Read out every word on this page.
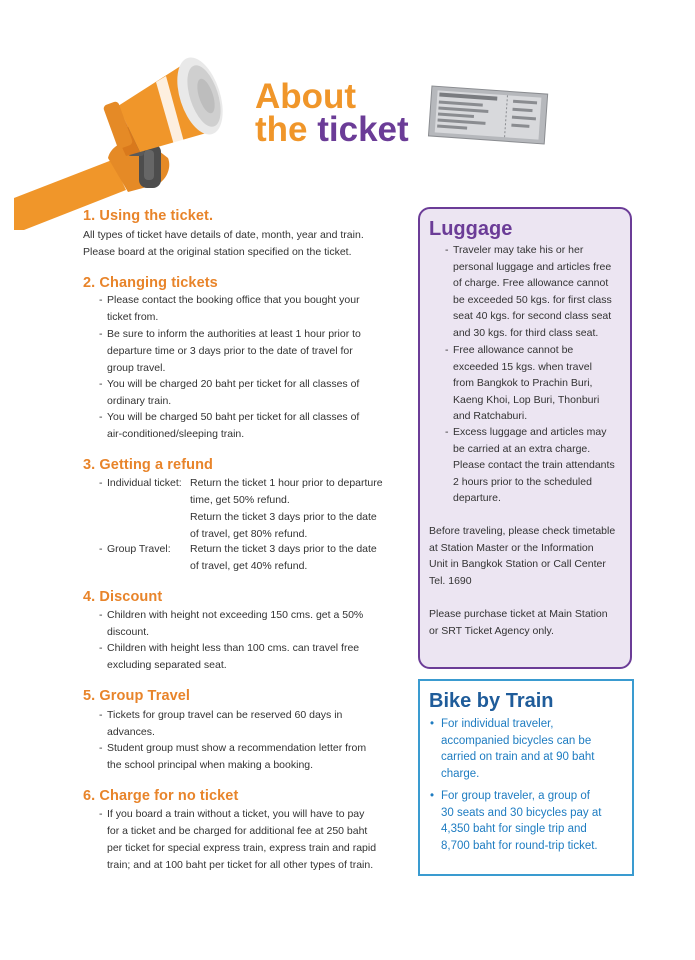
About
the ticket
1. Using the ticket.
All types of ticket have details of date, month, year and train.
Please board at the original station specified on the ticket.
2. Changing tickets
- Please contact the booking office that you bought your
ticket from.
- Be sure to inform the authorities at least 1 hour prior to
departure time or 3 days prior to the date of travel for
group travel.
- You will be charged 20 baht per ticket for all classes of
ordinary train.
- You will be charged 50 baht per ticket for all classes of
air-conditioned/sleeping train.
3. Getting a refund
- Individual ticket: Return the ticket 1 hour prior to departure
time, get 50% refund.
Return the ticket 3 days prior to the date
of travel, get 80% refund.
- Group Travel: Return the ticket 3 days prior to the date
of travel, get 40% refund.
4. Discount
- Children with height not exceeding 150 cms. get a 50%
discount.
- Children with height less than 100 cms. can travel free
excluding separated seat.
5. Group Travel
- Tickets for group travel can be reserved 60 days in
advances.
- Student group must show a recommendation letter from
the school principal when making a booking.
6. Charge for no ticket
- If you board a train without a ticket, you will have to pay
for a ticket and be charged for additional fee at 250 baht
per ticket for special express train, express train and rapid
train; and at 100 baht per ticket for all other types of train.
Luggage
- Traveler may take his or her
personal luggage and articles free
of charge. Free allowance cannot
be exceeded 50 kgs. for first class
seat 40 kgs. for second class seat
and 30 kgs. for third class seat.
- Free allowance cannot be
exceeded 15 kgs. when travel
from Bangkok to Prachin Buri,
Kaeng Khoi, Lop Buri, Thonburi
and Ratchaburi.
- Excess luggage and articles may
be carried at an extra charge.
Please contact the train attendants
2 hours prior to the scheduled
departure.
Before traveling, please check timetable
at Station Master or the Information
Unit in Bangkok Station or Call Center
Tel. 1690
Please purchase ticket at Main Station
or SRT Ticket Agency only.
Bike by Train
• For individual traveler,
accompanied bicycles can be
carried on train and at 90 baht
charge.
• For group traveler, a group of
30 seats and 30 bicycles pay at
4,350 baht for single trip and
8,700 baht for round-trip ticket.
